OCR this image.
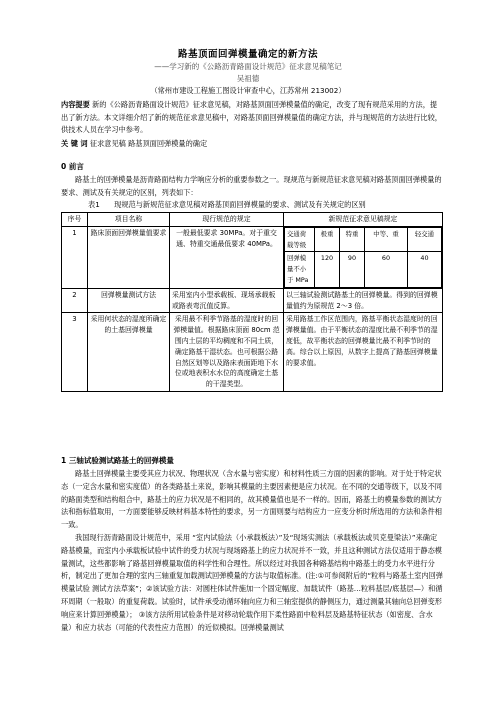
路基顶面回弹模量确定的新方法
——学习新的《公路沥青路面设计规范》征求意见稿笔记
吴祖德
（常州市建设工程施工图设计审查中心，江苏常州 213002）
内容提要 新的《公路沥青路面设计规范》征求意见稿，对路基顶面回弹模量值的确定，改变了现有规范采用的方法，提出了新方法。本文详细介绍了新的规范征求意见稿中，对路基顶面回弹模量值的确定方法，并与现规范的方法进行比较，供技术人员在学习中参考。
关 键 词 征求意见稿 路基顶面回弹模量的确定
0 前言
路基土的回弹模量是沥青路面结构力学响应分析的重要参数之一。现规范与新规范征求意见稿对路基顶面回弹模量的要求、测试及有关规定的区别，列表如下：
表1　　现规范与新规范征求意见稿对路基顶面回弹模量的要求、测试及有关规定的区别
序号	项目名称	现行规范的规定	新规范征求意见稿规定
1	路床顶面回弹模量值要求	一般最低要求 30MPa。对于重交通、特重交通最低要求 40MPa。	
交通荷载等级	极重	特重	中等、重	轻交通
回弹模量不小于 MPa	120	90	60	40

2	回弹模量测试方法	采用室内小型承载板、现场承载板或路表弯沉值反算。	以三轴试验测试路基土的回弹模量。得到的回弹模量值约为原规范 2～3 倍。
3	采用何状态的湿度所确定的土基回弹模量	采用最不利季节路基的湿度时的回弹模量值。根据路床顶面 80cm 范围内土层的平均稠度和不同土质，确定路基干湿状态。也可根据公路自然区划等以及路床表面距地下水位或地表积水水位的高度确定土基的干湿类型。	采用路基工作区范围内，路基平衡状态湿度时的回弹模量值。由于平衡状态的湿度比最不利季节的湿度低，故平衡状态的回弹模量比最不利季节时的高。综合以上原因，从数字上提高了路基回弹模量的要求值。
1 三轴试验测试路基土的回弹模量

路基土回弹模量主要受其应力状况、物理状况（含水量与密实度）和材料性质三方面的因素的影响。对于处于特定状态（一定含水量和密实度值）的各类路基土来说，影响其模量的主要因素便是应力状况。在不同的交通等级下，以及不同的路面类型和结构组合中，路基土的应力状况是不相同的，故其模量值也是不一样的。因而，路基土的模量参数的测试方法和指标值取用，一方面要能够反映材料基本特性的要求，另一方面则要与结构应力一应变分析时所选用的方法和条件相一致。

我国现行沥青路面设计规范中，采用 “室内试验法（小承载板法）”及“现场实测法（承载板法或贝克曼梁法）”来确定路基模量，而室内小承载板试验中试件的受力状况与现场路基上的应力状况并不一致，并且这种测试方法仅适用于静态模量测试，这些都影响了路基回弹模量取值的科学性和合理性。所以经过对我国各种路基结构中路基土的受力水平进行分析，制定出了更加合理的室内三轴重复加载测试回弹模量的方法与取值标准。(注:①可参阅附后的“粒料与路基土室内回弹模量试验 测试方法草案”；②该试验方法：对圆柱体试件施加一个固定幅度、加载试件（路基…粒料基层/底基层—）和循环周期（一般取）的重复荷载。试验时，试件承受动循环轴向应力和三轴室提供的静侧压力，通过测量其轴向总回弹变形响应来计算回弹模量）； ③该方法所用试验条件是对移动轮载作用下柔性路面中粒料层及路基特征状态（如密度、含水量）和应力状态（可能的代表性应力范围）的近似模拟。回弹模量测试
